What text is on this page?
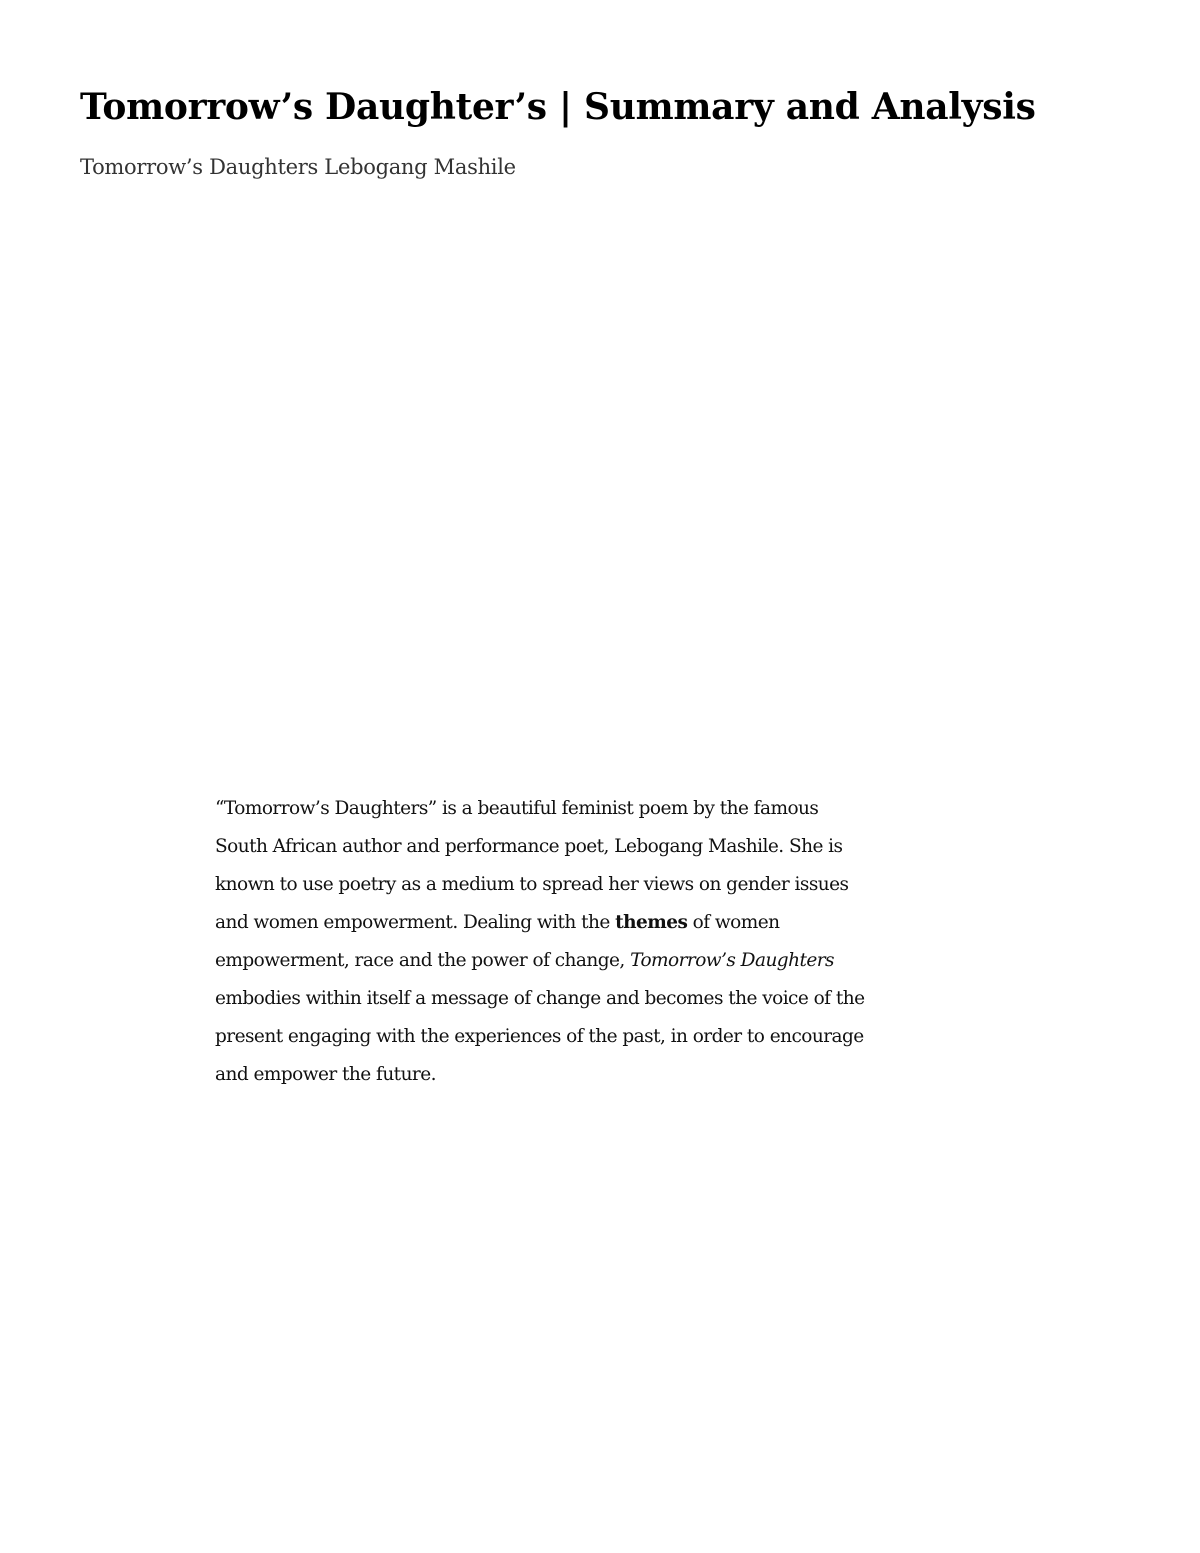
Tomorrow’s Daughter’s | Summary and Analysis
Tomorrow’s Daughters Lebogang Mashile
“Tomorrow’s Daughters” is a beautiful feminist poem by the famous
South African author and performance poet, Lebogang Mashile. She is
known to use poetry as a medium to spread her views on gender issues
and women empowerment. Dealing with the themes of women
empowerment, race and the power of change, Tomorrow’s Daughters
embodies within itself a message of change and becomes the voice of the
present engaging with the experiences of the past, in order to encourage
and empower the future.
